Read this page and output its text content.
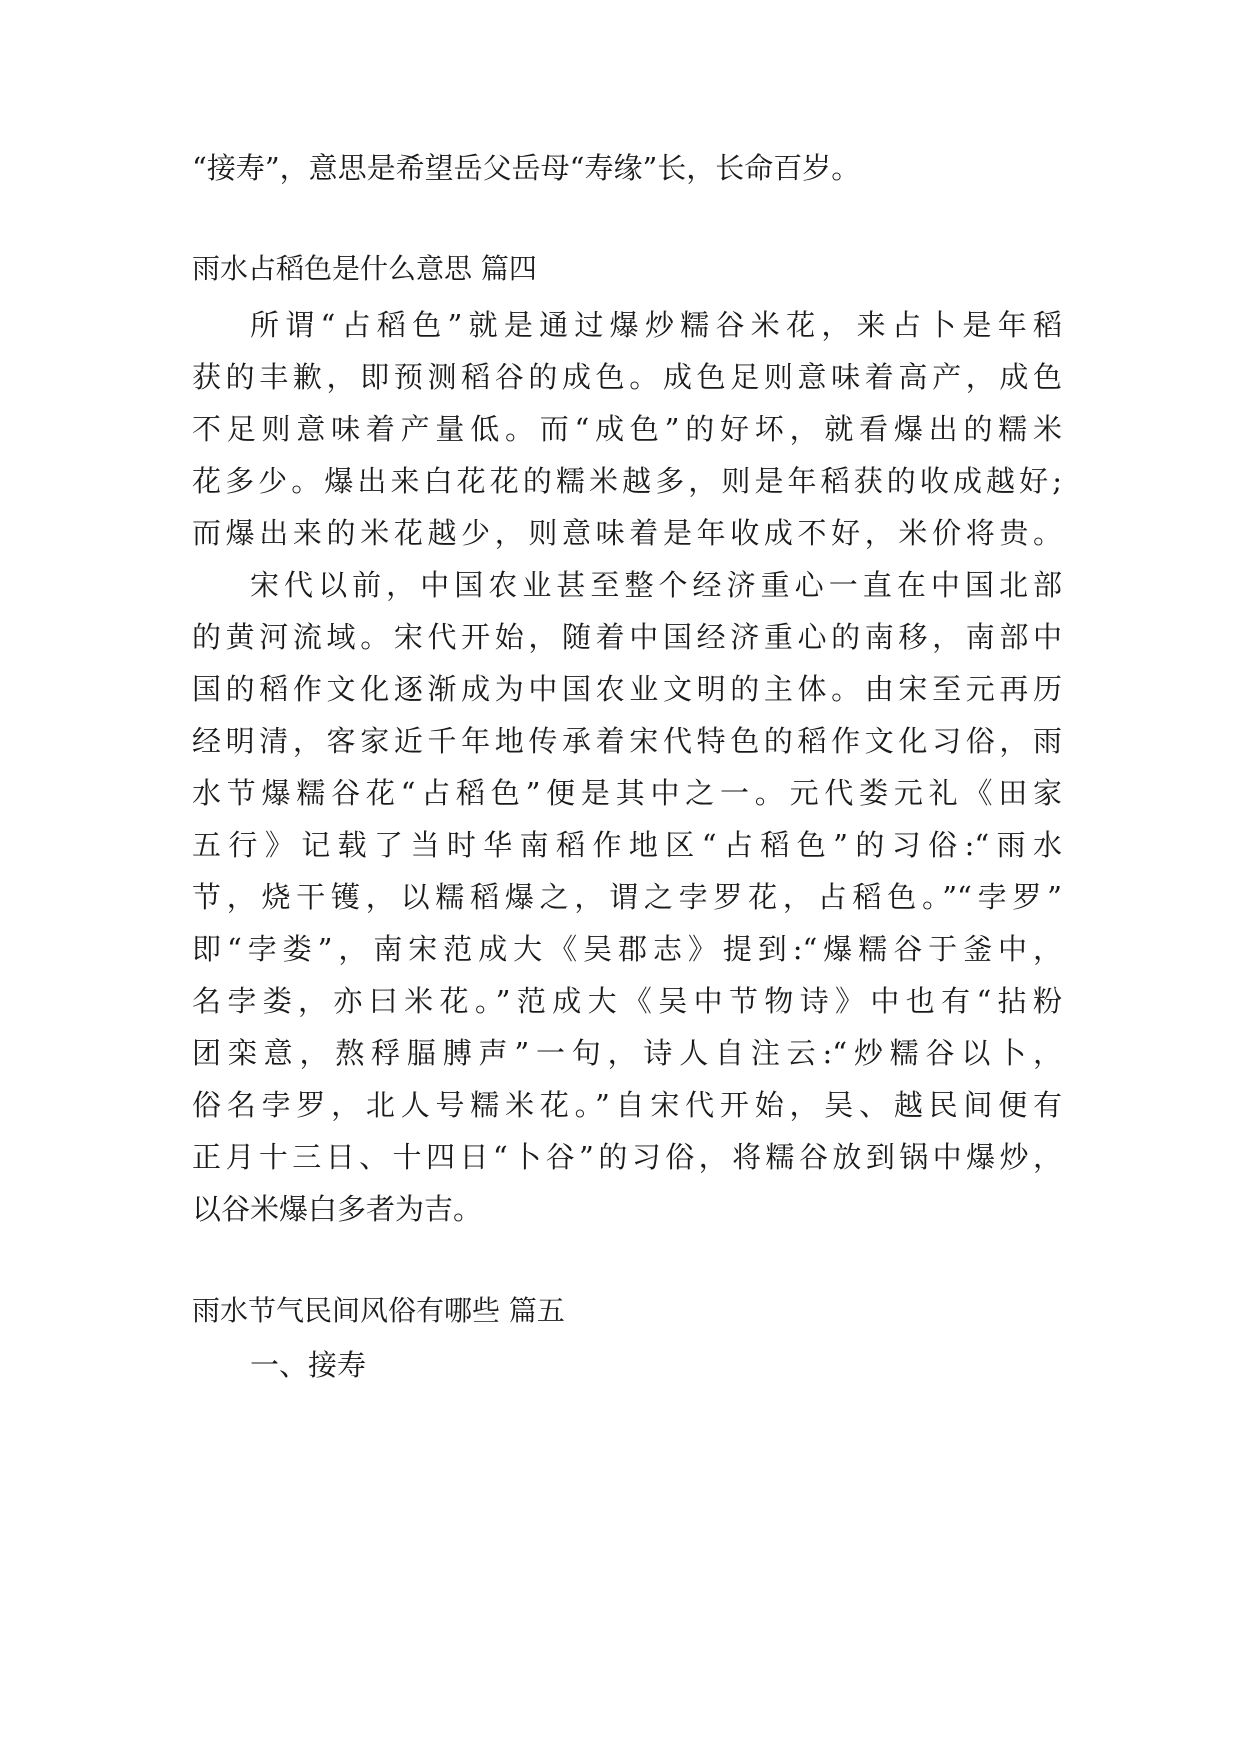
“接寿”，意思是希望岳父岳母“寿缘”长，长命百岁。
雨水占稻色是什么意思 篇四
所谓“占稻色”就是通过爆炒糯谷米花，来占卜是年稻
获的丰歉，即预测稻谷的成色。成色足则意味着高产，成色
不足则意味着产量低。而“成色”的好坏，就看爆出的糯米
花多少。爆出来白花花的糯米越多，则是年稻获的收成越好;
而爆出来的米花越少，则意味着是年收成不好，米价将贵。
宋代以前，中国农业甚至整个经济重心一直在中国北部
的黄河流域。宋代开始，随着中国经济重心的南移，南部中
国的稻作文化逐渐成为中国农业文明的主体。由宋至元再历
经明清，客家近千年地传承着宋代特色的稻作文化习俗，雨
水节爆糯谷花“占稻色”便是其中之一。元代娄元礼《田家
五行》记载了当时华南稻作地区“占稻色”的习俗:“雨水
节，烧干镬，以糯稻爆之，谓之孛罗花，占稻色。”“孛罗”
即“孛娄”，南宋范成大《吴郡志》提到:“爆糯谷于釜中，
名孛娄，亦曰米花。”范成大《吴中节物诗》中也有“拈粉
团栾意，熬稃腷膊声”一句，诗人自注云:“炒糯谷以卜，
俗名孛罗，北人号糯米花。”自宋代开始，吴、越民间便有
正月十三日、十四日“卜谷”的习俗，将糯谷放到锅中爆炒，
以谷米爆白多者为吉。
雨水节气民间风俗有哪些 篇五
一、接寿
